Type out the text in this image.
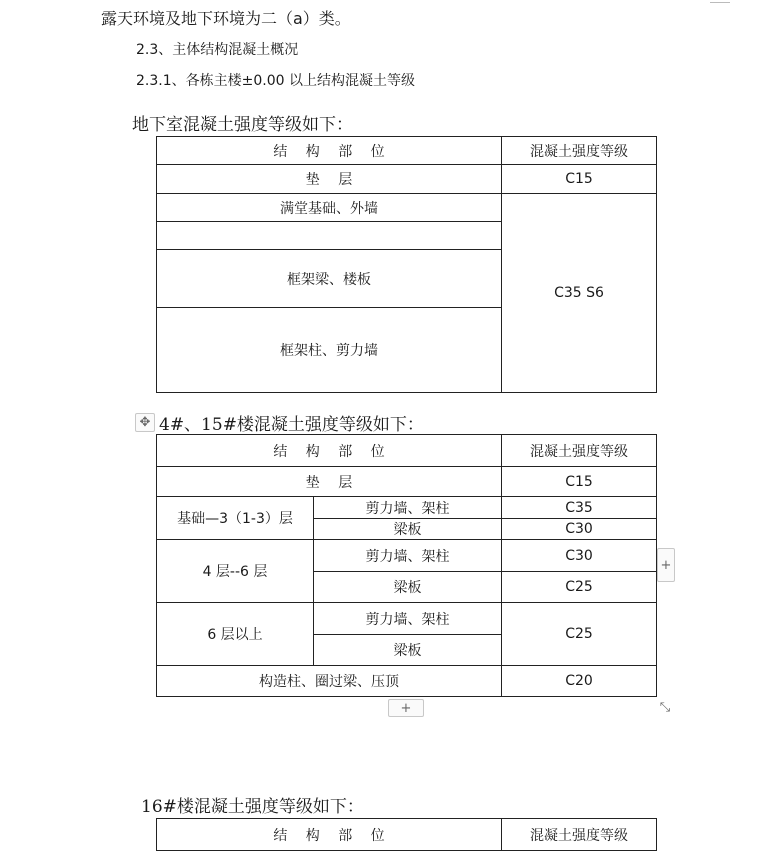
露天环境及地下环境为二（a）类。
2.3、主体结构混凝土概况
2.3.1、各栋主楼±0.00 以上结构混凝土等级
地下室混凝土强度等级如下：
结 构 部 位	混凝土强度等级
垫 层	C15
满堂基础、外墙	C35 S6

框架梁、楼板	
框架柱、剪力墙	
✥ 4#、15#楼混凝土强度等级如下：
结 构 部 位		混凝土强度等级
垫 层		C15
基础—3（1-3）层	剪力墙、架柱	C35
	梁板	C30
4 层--6 层	剪力墙、架柱	C30
	梁板	C25
6 层以上	剪力墙、架柱	C25
	梁板	
构造柱、圈过梁、压顶		C20
+
+	⤡
16#楼混凝土强度等级如下：
结 构 部 位	混凝土强度等级
